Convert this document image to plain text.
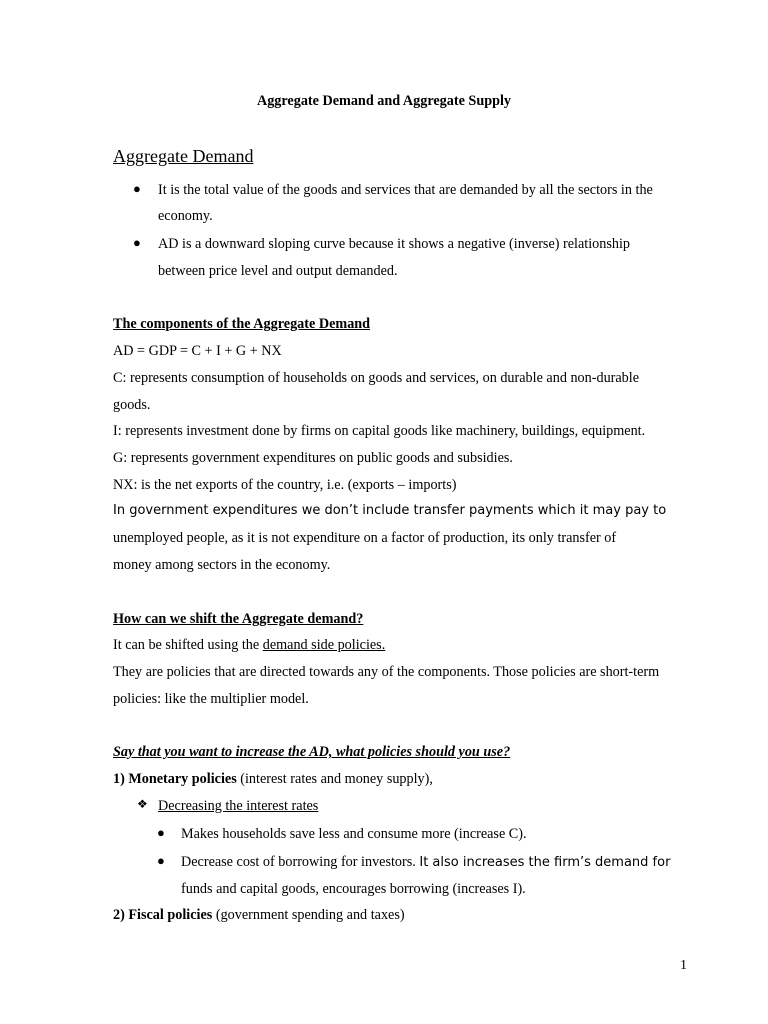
Aggregate Demand and Aggregate Supply
Aggregate Demand
● It is the total value of the goods and services that are demanded by all the sectors in the
economy.
● AD is a downward sloping curve because it shows a negative (inverse) relationship
between price level and output demanded.
The components of the Aggregate Demand
AD = GDP = C + I + G + NX
C: represents consumption of households on goods and services, on durable and non-durable
goods.
I: represents investment done by firms on capital goods like machinery, buildings, equipment.
G: represents government expenditures on public goods and subsidies.
NX: is the net exports of the country, i.e. (exports – imports)
In government expenditures we don’t include transfer payments which it may pay to
unemployed people, as it is not expenditure on a factor of production, its only transfer of
money among sectors in the economy.
How can we shift the Aggregate demand?
It can be shifted using the demand side policies.
They are policies that are directed towards any of the components. Those policies are short-term
policies: like the multiplier model.
Say that you want to increase the AD, what policies should you use?
1) Monetary policies (interest rates and money supply),
❖ Decreasing the interest rates
● Makes households save less and consume more (increase C).
● Decrease cost of borrowing for investors. It also increases the firm’s demand for
funds and capital goods, encourages borrowing (increases I).
2) Fiscal policies (government spending and taxes)
1
